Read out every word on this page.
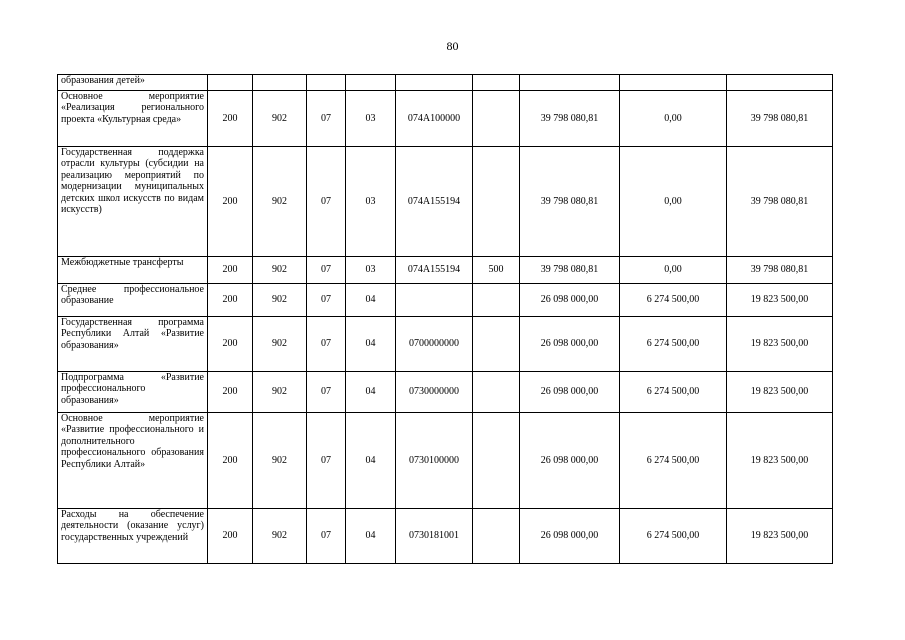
80
образования детей»									
Основное мероприятие «Реализация регионального проекта «Культурная среда»	200	902	07	03	074A100000		39 798 080,81	0,00	39 798 080,81
Государственная поддержка отрасли культуры (субсидии на реализацию мероприятий по модернизации муниципальных детских школ искусств по видам искусств)	200	902	07	03	074A155194		39 798 080,81	0,00	39 798 080,81
Межбюджетные трансферты	200	902	07	03	074A155194	500	39 798 080,81	0,00	39 798 080,81
Среднее профессиональное образование	200	902	07	04			26 098 000,00	6 274 500,00	19 823 500,00
Государственная программа Республики Алтай «Развитие образования»	200	902	07	04	0700000000		26 098 000,00	6 274 500,00	19 823 500,00
Подпрограмма «Развитие профессионального образования»	200	902	07	04	0730000000		26 098 000,00	6 274 500,00	19 823 500,00
Основное мероприятие «Развитие профессионального и дополнительного профессионального образования Республики Алтай»	200	902	07	04	0730100000		26 098 000,00	6 274 500,00	19 823 500,00
Расходы на обеспечение деятельности (оказание услуг) государственных учреждений	200	902	07	04	0730181001		26 098 000,00	6 274 500,00	19 823 500,00
